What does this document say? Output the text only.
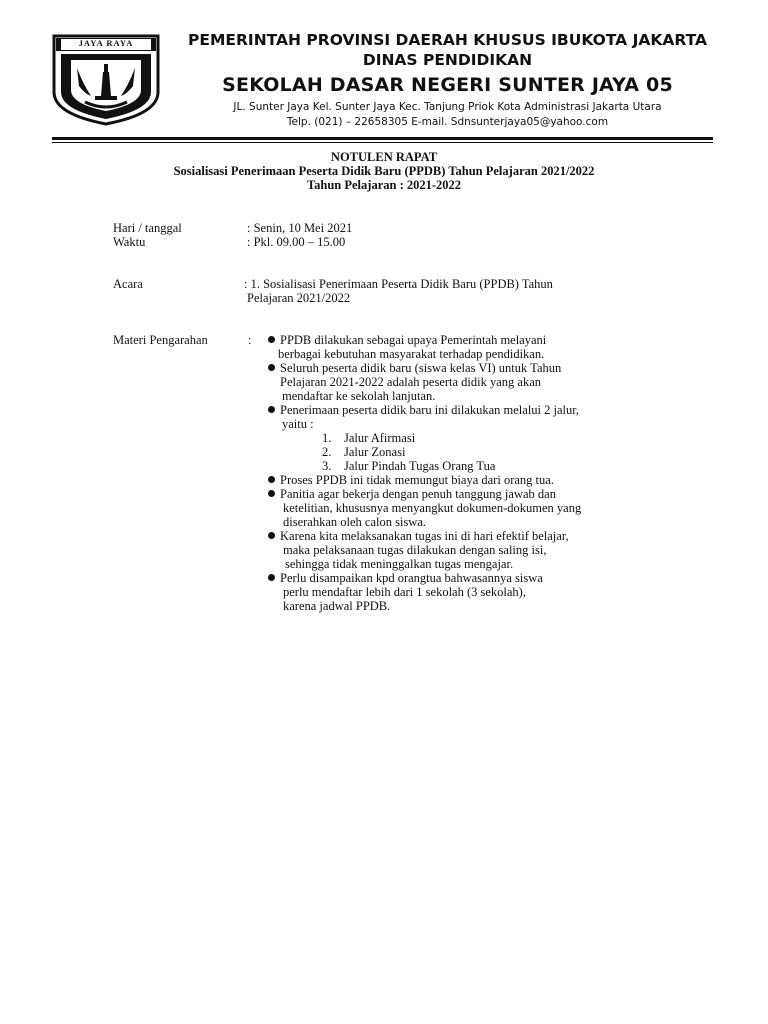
JAYA RAYA	PEMERINTAH PROVINSI DAERAH KHUSUS IBUKOTA JAKARTA
DINAS PENDIDIKAN
SEKOLAH DASAR NEGERI SUNTER JAYA 05
JL. Sunter Jaya Kel. Sunter Jaya Kec. Tanjung Priok Kota Administrasi Jakarta Utara
Telp. (021) – 22658305 E-mail. Sdnsunterjaya05@yahoo.com
NOTULEN RAPAT
Sosialisasi Penerimaan Peserta Didik Baru (PPDB) Tahun Pelajaran 2021/2022
Tahun Pelajaran : 2021-2022
Hari / tanggal	: Senin, 10 Mei 2021
Waktu	: Pkl. 09.00 – 15.00
Acara	: 1. Sosialisasi Penerimaan Peserta Didik Baru (PPDB) Tahun
Pelajaran 2021/2022
Materi Pengarahan	:	PPDB dilakukan sebagai upaya Pemerintah melayani
berbagai kebutuhan masyarakat terhadap pendidikan.
Seluruh peserta didik baru (siswa kelas VI) untuk Tahun
Pelajaran 2021-2022 adalah peserta didik yang akan
mendaftar ke sekolah lanjutan.
Penerimaan peserta didik baru ini dilakukan melalui 2 jalur,
yaitu :
1. Jalur Afirmasi
2. Jalur Zonasi
3. Jalur Pindah Tugas Orang Tua
Proses PPDB ini tidak memungut biaya dari orang tua.
Panitia agar bekerja dengan penuh tanggung jawab dan
ketelitian, khususnya menyangkut dokumen-dokumen yang
diserahkan oleh calon siswa.
Karena kita melaksanakan tugas ini di hari efektif belajar,
maka pelaksanaan tugas dilakukan dengan saling isi,
sehingga tidak meninggalkan tugas mengajar.
Perlu disampaikan kpd orangtua bahwasannya siswa
perlu mendaftar lebih dari 1 sekolah (3 sekolah),
karena jadwal PPDB.
